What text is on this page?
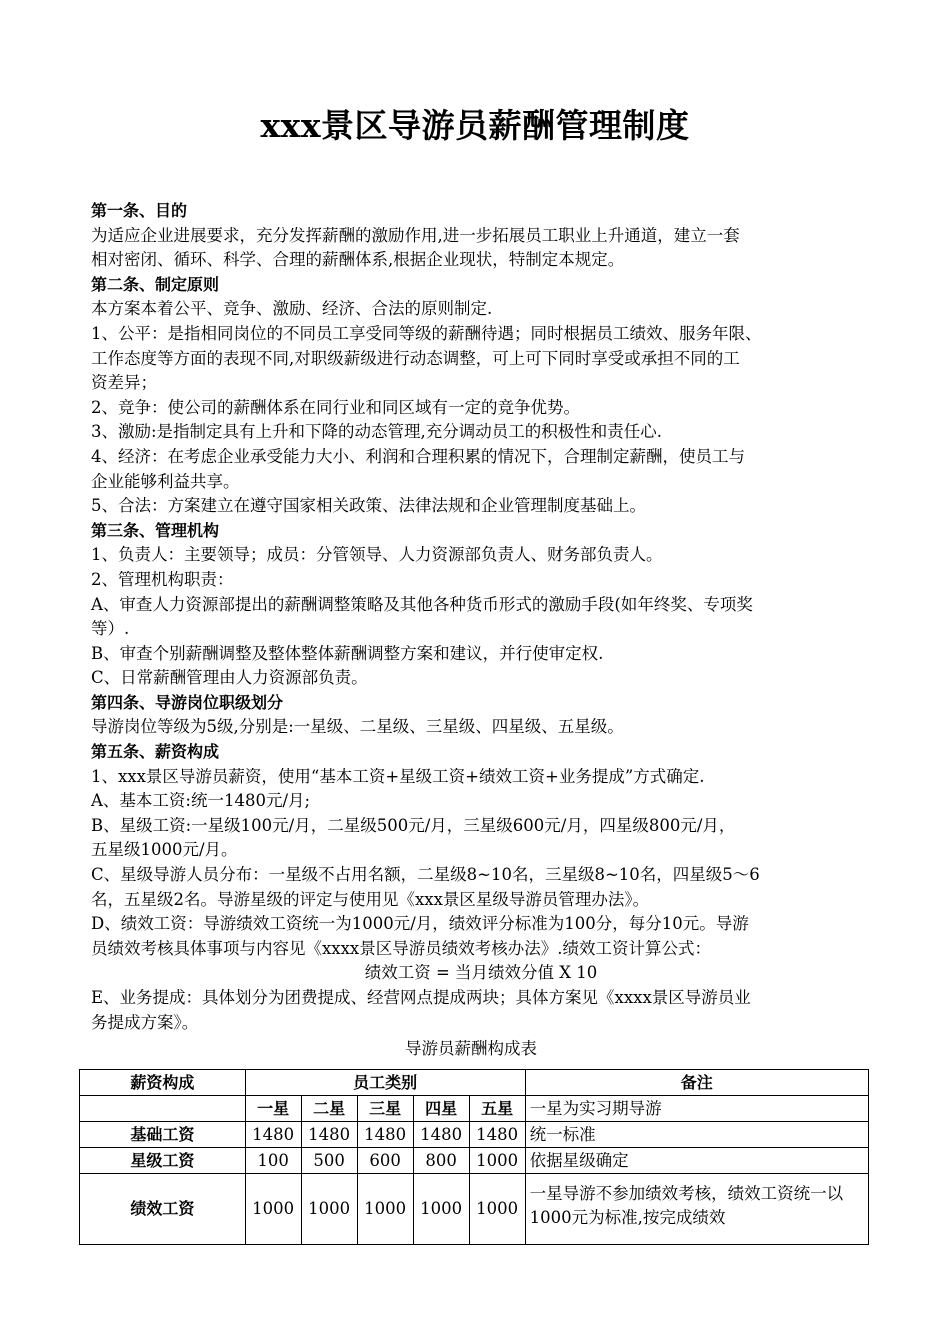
xxx景区导游员薪酬管理制度
第一条、目的
为适应企业进展要求，充分发挥薪酬的激励作用,进一步拓展员工职业上升通道，建立一套
相对密闭、循环、科学、合理的薪酬体系,根据企业现状，特制定本规定。
第二条、制定原则
本方案本着公平、竞争、激励、经济、合法的原则制定.
1、公平：是指相同岗位的不同员工享受同等级的薪酬待遇；同时根据员工绩效、服务年限、
工作态度等方面的表现不同,对职级薪级进行动态调整，可上可下同时享受或承担不同的工
资差异；
2、竞争：使公司的薪酬体系在同行业和同区域有一定的竞争优势。
3、激励:是指制定具有上升和下降的动态管理,充分调动员工的积极性和责任心.
4、经济：在考虑企业承受能力大小、利润和合理积累的情况下，合理制定薪酬，使员工与
企业能够利益共享。
5、合法：方案建立在遵守国家相关政策、法律法规和企业管理制度基础上。
第三条、管理机构
1、负责人：主要领导；成员：分管领导、人力资源部负责人、财务部负责人。
2、管理机构职责：
A、审查人力资源部提出的薪酬调整策略及其他各种货币形式的激励手段(如年终奖、专项奖
等）.
B、审查个别薪酬调整及整体整体薪酬调整方案和建议，并行使审定权.
C、日常薪酬管理由人力资源部负责。
第四条、导游岗位职级划分
导游岗位等级为5级,分别是:一星级、二星级、三星级、四星级、五星级。
第五条、薪资构成
1、xxx景区导游员薪资，使用“基本工资+星级工资+绩效工资+业务提成”方式确定.
A、基本工资:统一1480元/月;
B、星级工资:一星级100元/月，二星级500元/月，三星级600元/月，四星级800元/月，
五星级1000元/月。
C、星级导游人员分布：一星级不占用名额，二星级8~10名，三星级8~10名，四星级5～6
名，五星级2名。导游星级的评定与使用见《xxx景区星级导游员管理办法》。
D、绩效工资：导游绩效工资统一为1000元/月，绩效评分标准为100分，每分10元。导游
员绩效考核具体事项与内容见《xxxx景区导游员绩效考核办法》.绩效工资计算公式：
绩效工资 = 当月绩效分值 X 10
E、业务提成：具体划分为团费提成、经营网点提成两块；具体方案见《xxxx景区导游员业
务提成方案》。
导游员薪酬构成表
薪资构成	员工类别					备注
	一星	二星	三星	四星	五星	一星为实习期导游
基础工资	1480	1480	1480	1480	1480	统一标准
星级工资	100	500	600	800	1000	依据星级确定
绩效工资	1000	1000	1000	1000	1000	一星导游不参加绩效考核，绩效工资统一以1000元为标准,按完成绩效
